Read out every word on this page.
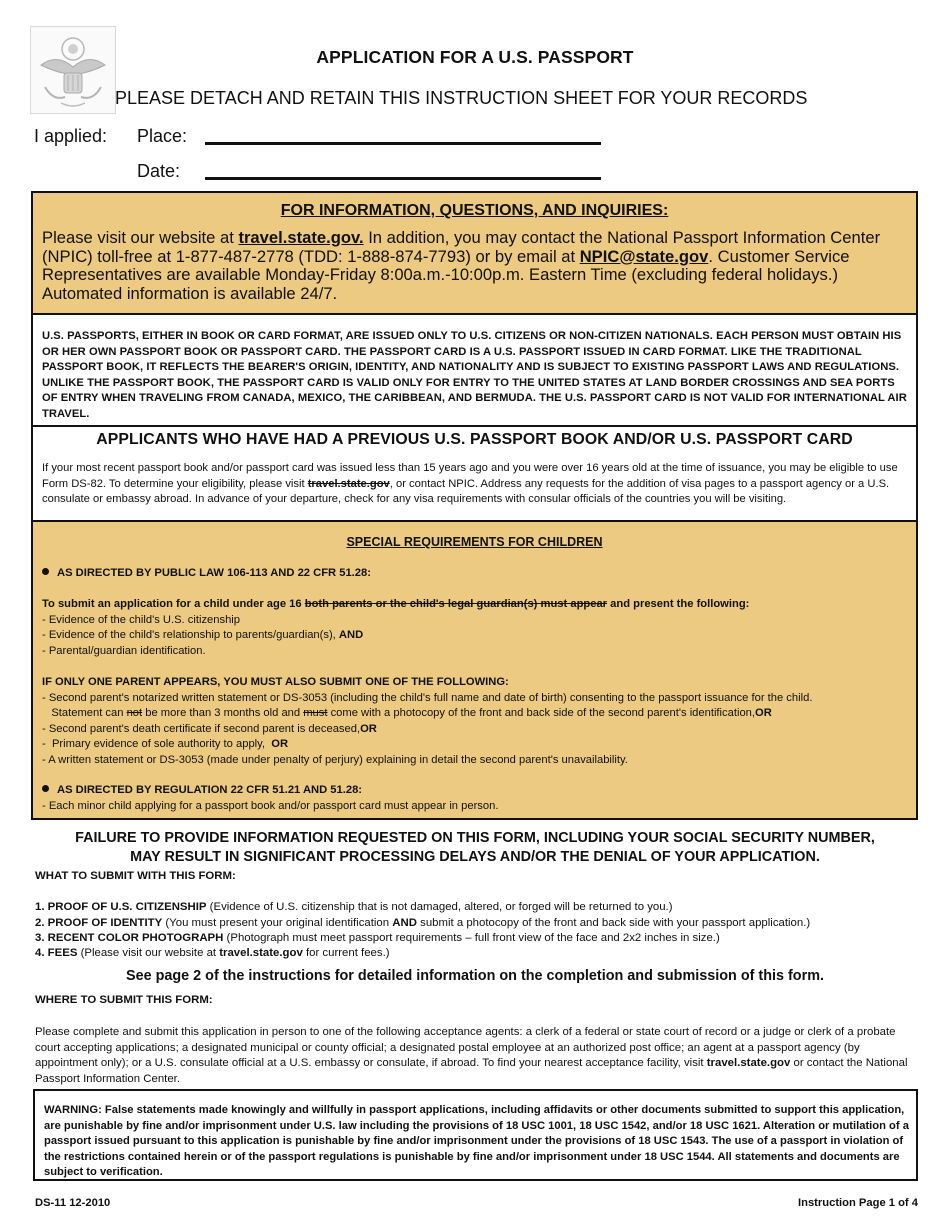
APPLICATION FOR A U.S. PASSPORT
PLEASE DETACH AND RETAIN THIS INSTRUCTION SHEET FOR YOUR RECORDS
I applied: Place:
Date:
FOR INFORMATION, QUESTIONS, AND INQUIRIES:
Please visit our website at travel.state.gov. In addition, you may contact the National Passport Information Center (NPIC) toll-free at 1-877-487-2778 (TDD: 1-888-874-7793) or by email at NPIC@state.gov. Customer Service Representatives are available Monday-Friday 8:00a.m.-10:00p.m. Eastern Time (excluding federal holidays.) Automated information is available 24/7.
U.S. PASSPORTS, EITHER IN BOOK OR CARD FORMAT, ARE ISSUED ONLY TO U.S. CITIZENS OR NON-CITIZEN NATIONALS. EACH PERSON MUST OBTAIN HIS OR HER OWN PASSPORT BOOK OR PASSPORT CARD. THE PASSPORT CARD IS A U.S. PASSPORT ISSUED IN CARD FORMAT. LIKE THE TRADITIONAL PASSPORT BOOK, IT REFLECTS THE BEARER'S ORIGIN, IDENTITY, AND NATIONALITY AND IS SUBJECT TO EXISTING PASSPORT LAWS AND REGULATIONS. UNLIKE THE PASSPORT BOOK, THE PASSPORT CARD IS VALID ONLY FOR ENTRY TO THE UNITED STATES AT LAND BORDER CROSSINGS AND SEA PORTS OF ENTRY WHEN TRAVELING FROM CANADA, MEXICO, THE CARIBBEAN, AND BERMUDA. THE U.S. PASSPORT CARD IS NOT VALID FOR INTERNATIONAL AIR TRAVEL.
APPLICANTS WHO HAVE HAD A PREVIOUS U.S. PASSPORT BOOK AND/OR U.S. PASSPORT CARD
If your most recent passport book and/or passport card was issued less than 15 years ago and you were over 16 years old at the time of issuance, you may be eligible to use Form DS-82. To determine your eligibility, please visit travel.state.gov, or contact NPIC. Address any requests for the addition of visa pages to a passport agency or a U.S. consulate or embassy abroad. In advance of your departure, check for any visa requirements with consular officials of the countries you will be visiting.
SPECIAL REQUIREMENTS FOR CHILDREN
AS DIRECTED BY PUBLIC LAW 106-113 AND 22 CFR 51.28:
To submit an application for a child under age 16 both parents or the child's legal guardian(s) must appear and present the following:
- Evidence of the child's U.S. citizenship
- Evidence of the child's relationship to parents/guardian(s), AND
- Parental/guardian identification.
IF ONLY ONE PARENT APPEARS, YOU MUST ALSO SUBMIT ONE OF THE FOLLOWING:
- Second parent's notarized written statement or DS-3053 (including the child's full name and date of birth) consenting to the passport issuance for the child.
Statement can not be more than 3 months old and must come with a photocopy of the front and back side of the second parent's identification,OR
- Second parent's death certificate if second parent is deceased,OR
-  Primary evidence of sole authority to apply,  OR
- A written statement or DS-3053 (made under penalty of perjury) explaining in detail the second parent's unavailability.
AS DIRECTED BY REGULATION 22 CFR 51.21 AND 51.28:
- Each minor child applying for a passport book and/or passport card must appear in person.
FAILURE TO PROVIDE INFORMATION REQUESTED ON THIS FORM, INCLUDING YOUR SOCIAL SECURITY NUMBER,
MAY RESULT IN SIGNIFICANT PROCESSING DELAYS AND/OR THE DENIAL OF YOUR APPLICATION.
WHAT TO SUBMIT WITH THIS FORM:
1. PROOF OF U.S. CITIZENSHIP (Evidence of U.S. citizenship that is not damaged, altered, or forged will be returned to you.)
2. PROOF OF IDENTITY (You must present your original identification AND submit a photocopy of the front and back side with your passport application.)
3. RECENT COLOR PHOTOGRAPH (Photograph must meet passport requirements – full front view of the face and 2x2 inches in size.)
4. FEES (Please visit our website at travel.state.gov for current fees.)
See page 2 of the instructions for detailed information on the completion and submission of this form.
WHERE TO SUBMIT THIS FORM:
Please complete and submit this application in person to one of the following acceptance agents: a clerk of a federal or state court of record or a judge or clerk of a probate court accepting applications; a designated municipal or county official; a designated postal employee at an authorized post office; an agent at a passport agency (by appointment only); or a U.S. consulate official at a U.S. embassy or consulate, if abroad. To find your nearest acceptance facility, visit travel.state.gov or contact the National Passport Information Center.
WARNING: False statements made knowingly and willfully in passport applications, including affidavits or other documents submitted to support this application, are punishable by fine and/or imprisonment under U.S. law including the provisions of 18 USC 1001, 18 USC 1542, and/or 18 USC 1621. Alteration or mutilation of a passport issued pursuant to this application is punishable by fine and/or imprisonment under the provisions of 18 USC 1543. The use of a passport in violation of the restrictions contained herein or of the passport regulations is punishable by fine and/or imprisonment under 18 USC 1544. All statements and documents are subject to verification.
DS-11 12-2010	Instruction Page 1 of 4
